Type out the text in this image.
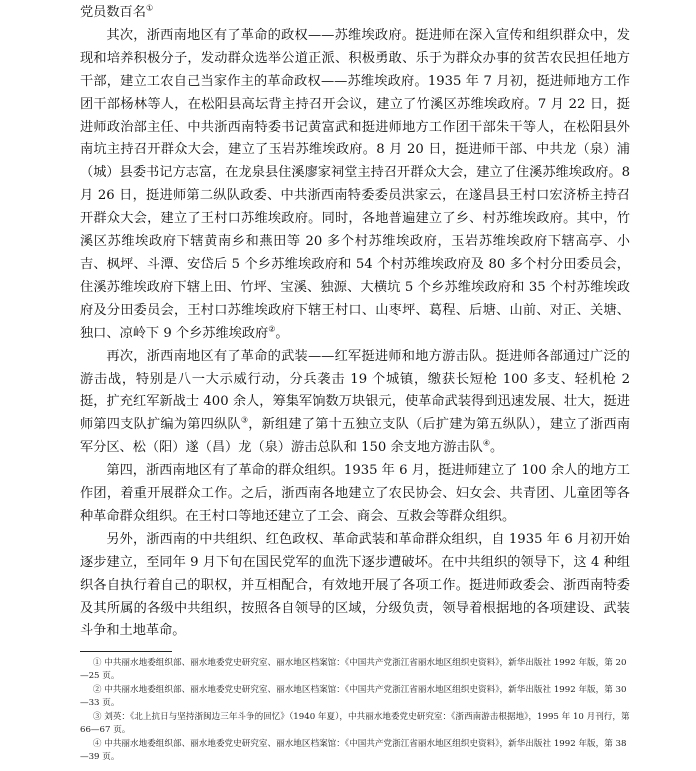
党员数百名①

其次，浙西南地区有了革命的政权——苏维埃政府。挺进师在深入宣传和组织群众中，发现和培养积极分子，发动群众选举公道正派、积极勇敢、乐于为群众办事的贫苦农民担任地方干部，建立工农自己当家作主的革命政权——苏维埃政府。1935 年 7 月初，挺进师地方工作团干部杨林等人，在松阳县高坛背主持召开会议，建立了竹溪区苏维埃政府。7 月 22 日，挺进师政治部主任、中共浙西南特委书记黄富武和挺进师地方工作团干部朱干等人，在松阳县外南坑主持召开群众大会，建立了玉岩苏维埃政府。8 月 20 日，挺进师干部、中共龙（泉）浦（城）县委书记方志富，在龙泉县住溪廖家祠堂主持召开群众大会，建立了住溪苏维埃政府。8 月 26 日，挺进师第二纵队政委、中共浙西南特委委员洪家云，在遂昌县王村口宏济桥主持召开群众大会，建立了王村口苏维埃政府。同时，各地普遍建立了乡、村苏维埃政府。其中，竹溪区苏维埃政府下辖黄南乡和燕田等 20 多个村苏维埃政府，玉岩苏维埃政府下辖高亭、小吉、枫坪、斗潭、安岱后 5 个乡苏维埃政府和 54 个村苏维埃政府及 80 多个村分田委员会，住溪苏维埃政府下辖上田、竹坪、宝溪、独源、大横坑 5 个乡苏维埃政府和 35 个村苏维埃政府及分田委员会，王村口苏维埃政府下辖王村口、山枣坪、葛程、后塘、山前、对正、关塘、独口、凉岭下 9 个乡苏维埃政府②。

再次，浙西南地区有了革命的武装——红军挺进师和地方游击队。挺进师各部通过广泛的游击战，特别是八一大示威行动，分兵袭击 19 个城镇，缴获长短枪 100 多支、轻机枪 2 挺，扩充红军新战士 400 余人，筹集军饷数万块银元，使革命武装得到迅速发展、壮大，挺进师第四支队扩编为第四纵队③，新组建了第十五独立支队（后扩建为第五纵队），建立了浙西南军分区、松（阳）遂（昌）龙（泉）游击总队和 150 余支地方游击队④。

第四，浙西南地区有了革命的群众组织。1935 年 6 月，挺进师建立了 100 余人的地方工作团，着重开展群众工作。之后，浙西南各地建立了农民协会、妇女会、共青团、儿童团等各种革命群众组织。在王村口等地还建立了工会、商会、互救会等群众组织。

另外，浙西南的中共组织、红色政权、革命武装和革命群众组织，自 1935 年 6 月初开始逐步建立，至同年 9 月下旬在国民党军的血洗下逐步遭破坏。在中共组织的领导下，这 4 种组织各自执行着自己的职权，并互相配合，有效地开展了各项工作。挺进师政委会、浙西南特委及其所属的各级中共组织，按照各自领导的区域，分级负责，领导着根据地的各项建设、武装斗争和土地革命。

① 中共丽水地委组织部、丽水地委党史研究室、丽水地区档案馆：《中国共产党浙江省丽水地区组织史资料》，新华出版社 1992 年版，第 20—25 页。
② 中共丽水地委组织部、丽水地委党史研究室、丽水地区档案馆：《中国共产党浙江省丽水地区组织史资料》，新华出版社 1992 年版，第 30—33 页。
③ 刘英：《北上抗日与坚持浙闽边三年斗争的回忆》（1940 年夏），中共丽水地委党史研究室：《浙西南游击根据地》，1995 年 10 月刊行，第 66—67 页。
④ 中共丽水地委组织部、丽水地委党史研究室、丽水地区档案馆：《中国共产党浙江省丽水地区组织史资料》，新华出版社 1992 年版，第 38—39 页。
